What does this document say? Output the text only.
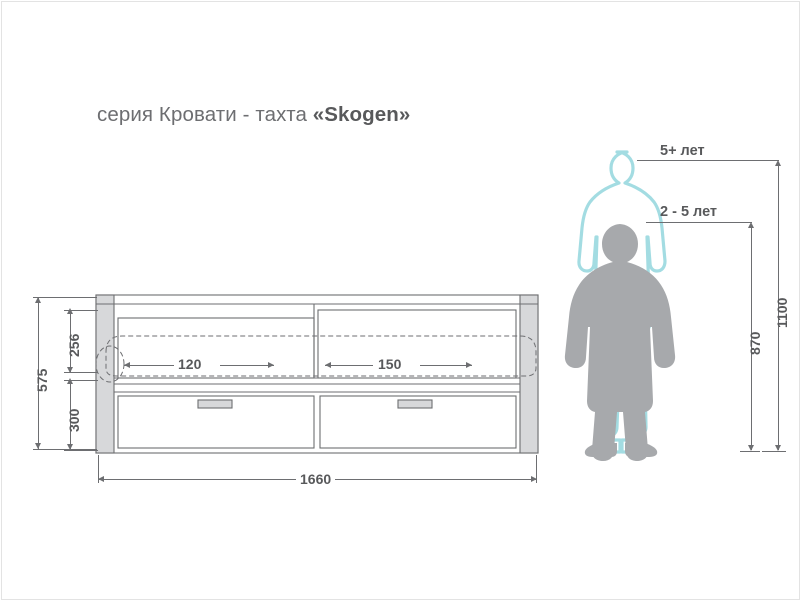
серия Кровати - тахта «Skogen»
575
256
300
120	150
1660
5+ лет
2 - 5 лет
1100
870
